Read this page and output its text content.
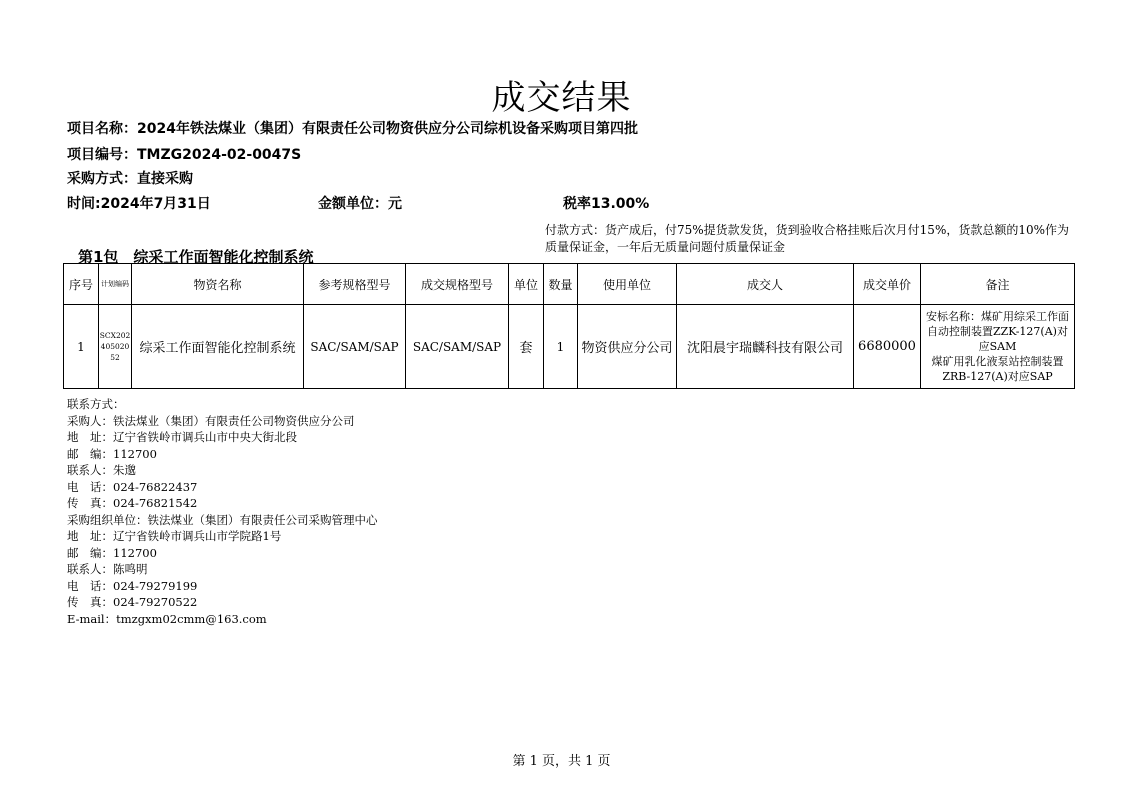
成交结果
项目名称：2024年铁法煤业（集团）有限责任公司物资供应分公司综机设备采购项目第四批
项目编号：TMZG2024-02-0047S
采购方式：直接采购
时间:2024年7月31日	金额单位：元	税率13.00%
付款方式：货产成后，付75%提货款发货，货到验收合格挂账后次月付15%，货款总额的10%作为质量保证金，一年后无质量问题付质量保证金
第1包　综采工作面智能化控制系统
序号	计划编码	物资名称	参考规格型号	成交规格型号	单位	数量	使用单位	成交人	成交单价	备注
1	SCX20240502052	综采工作面智能化控制系统	SAC/SAM/SAP	SAC/SAM/SAP	套	1	物资供应分公司	沈阳晨宇瑞麟科技有限公司	6680000	安标名称：煤矿用综采工作面自动控制装置ZZK-127(A)对应SAM
煤矿用乳化液泵站控制装置ZRB-127(A)对应SAP
联系方式：
采购人：铁法煤业（集团）有限责任公司物资供应分公司
地　址：辽宁省铁岭市调兵山市中央大街北段
邮　编：112700
联系人：朱邈
电　话：024-76822437
传　真：024-76821542
采购组织单位：铁法煤业（集团）有限责任公司采购管理中心
地　址：辽宁省铁岭市调兵山市学院路1号
邮　编：112700
联系人：陈鸣明
电　话：024-79279199
传　真：024-79270522
E-mail：tmzgxm02cmm@163.com
第 1 页，共 1 页
